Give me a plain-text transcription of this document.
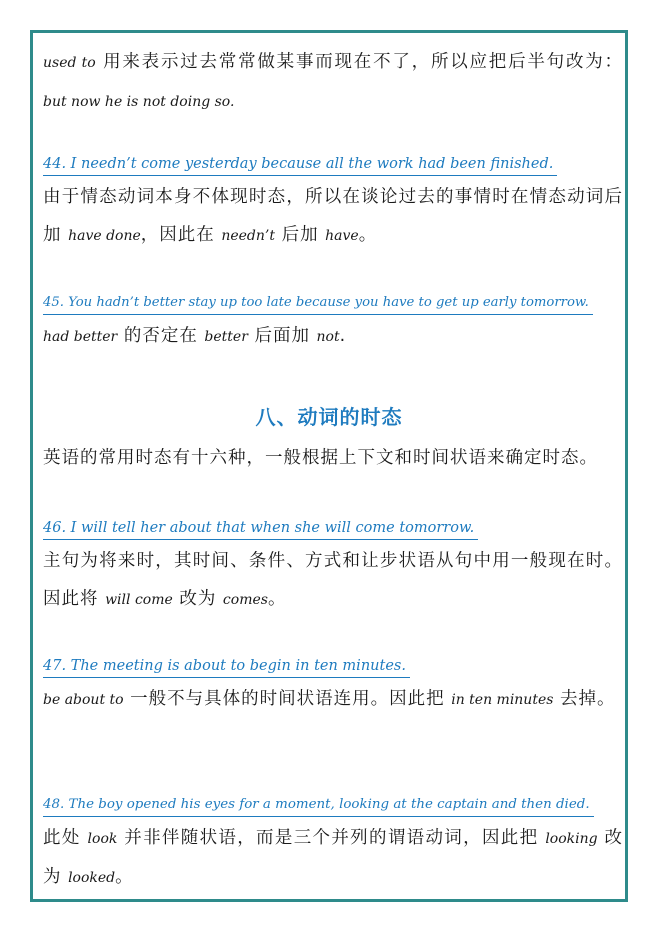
used to 用来表示过去常常做某事而现在不了，所以应把后半句改为：but now he is not doing so.

44. I needn’t come yesterday because all the work had been finished.

由于情态动词本身不体现时态，所以在谈论过去的事情时在情态动词后加 have done，因此在 needn’t 后加 have。

45. You hadn’t better stay up too late because you have to get up early tomorrow.

had better 的否定在 better 后面加 not.

八、动词的时态

英语的常用时态有十六种，一般根据上下文和时间状语来确定时态。

46. I will tell her about that when she will come tomorrow.

主句为将来时，其时间、条件、方式和让步状语从句中用一般现在时。因此将 will come 改为 comes。

47. The meeting is about to begin in ten minutes.

be about to 一般不与具体的时间状语连用。因此把 in ten minutes 去掉。

48. The boy opened his eyes for a moment, looking at the captain and then died.

此处 look 并非伴随状语，而是三个并列的谓语动词，因此把 looking 改为 looked。
